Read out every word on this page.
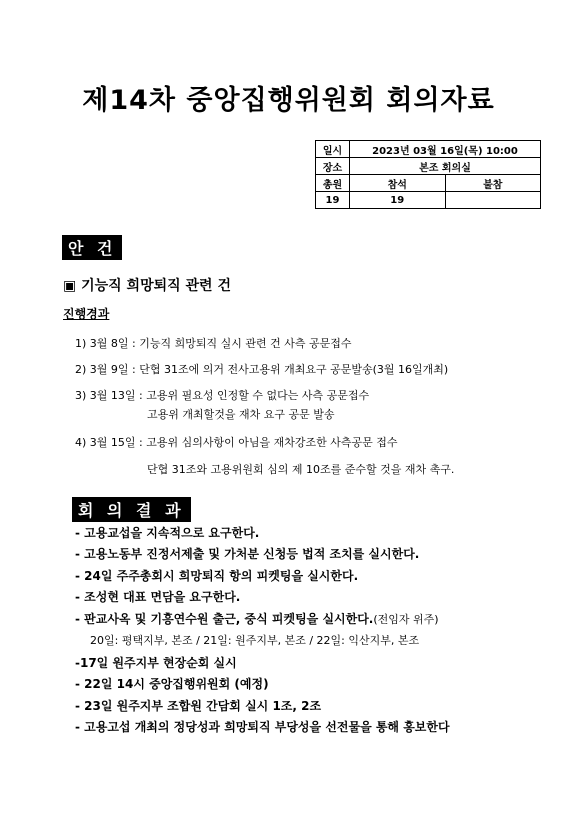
제14차 중앙집행위원회 회의자료
일시	2023년 03월 16일(목) 10:00	
장소	본조 회의실	
총원	참석	불참
19	19	
안 건
▣ 기능직 희망퇴직 관련 건
진행경과
1) 3월 8일 : 기능직 희망퇴직 실시 관련 건 사측 공문접수
2) 3월 9일 : 단협 31조에 의거 전사고용위 개최요구 공문발송(3월 16일개최)
3) 3월 13일 : 고용위 필요성 인정할 수 없다는 사측 공문접수
고용위 개최할것을 재차 요구 공문 발송
4) 3월 15일 : 고용위 심의사항이 아님을 재차강조한 사측공문 접수
단협 31조와 고용위원회 심의 제 10조를 준수할 것을 재차 촉구.
회 의 결 과
- 고용교섭을 지속적으로 요구한다.
- 고용노동부 진정서제출 및 가처분 신청등 법적 조치를 실시한다.
- 24일 주주총회시 희망퇴직 항의 피켓팅을 실시한다.
- 조성현 대표 면담을 요구한다.
- 판교사옥 및 기흥연수원 출근, 중식 피켓팅을 실시한다.(전임자 위주)
20일: 평택지부, 본조 / 21일: 원주지부, 본조 / 22일: 익산지부, 본조
-17일 원주지부 현장순회 실시
- 22일 14시 중앙집행위원회 (예정)
- 23일 원주지부 조합원 간담회 실시 1조, 2조
- 고용고섭 개최의 정당성과 희망퇴직 부당성을 선전물을 통해 홍보한다
